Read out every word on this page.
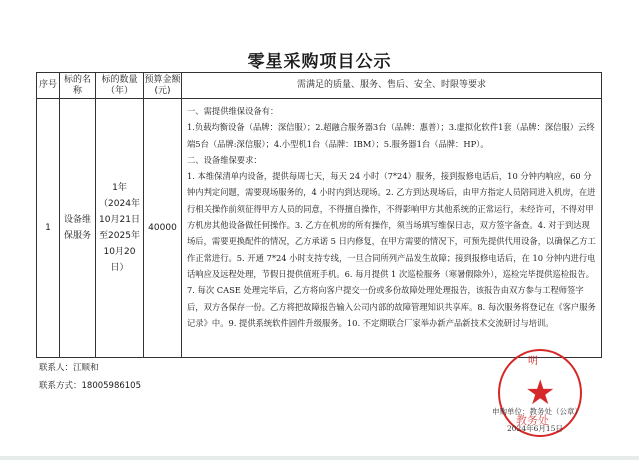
零星采购项目公示
序号	标的名称	标的数量（年）	预算金额(元)	需满足的质量、服务、售后、安全、时限等要求
1	设备维保服务	1年（2024年10月21日至2025年10月20日）	40000	一、需提供维保设备有：
1.负载均衡设备（品牌：深信服）；2.超融合服务器3台（品牌：惠普）；3.虚拟化软件1套（品牌：深信服）云终端5台（品牌:深信服）；4.小型机1台（品牌：IBM）；5.服务器1台（品牌：HP）。
二、设备维保要求：
1. 本维保清单内设备，提供每周七天，每天 24 小时（7*24）服务，接到报修电话后，10 分钟内响应，60 分钟内判定问题，需要现场服务的，4 小时内到达现场。2. 乙方到达现场后，由甲方指定人员陪同进入机房，在进行相关操作前须征得甲方人员的同意，不得擅自操作，不得影响甲方其他系统的正常运行，未经许可，不得对甲方机房其他设备做任何操作。3. 乙方在机房的所有操作，须当场填写维保日志，双方签字备查。4. 对于到达现场后，需要更换配件的情况，乙方承诺 5 日内修复，在甲方需要的情况下，可预先提供代用设备，以确保乙方工作正常进行。5. 开通 7*24 小时支持专线，一旦合同所列产品发生故障；接到报修电话后，在 10 分钟内进行电话响应及远程处理，节假日提供值班手机。6. 每月提供 1 次巡检服务（寒暑假除外），巡检完毕提供巡检报告。7. 每次 CASE 处理完毕后，乙方将向客户提交一份或多份故障处理处理报告，该报告由双方参与工程师签字后，双方各保存一份。乙方将把故障报告输入公司内部的故障管理知识共享库。8. 每次服务将登记在《客户服务记录》中。9. 提供系统软件固件升级服务。10. 不定期联合厂家举办新产品新技术交流研讨与培训。
联系人：江顺和
联系方式：18005986105	★
明
教务处
申购单位：教务处（公章）
2024年6月15日
